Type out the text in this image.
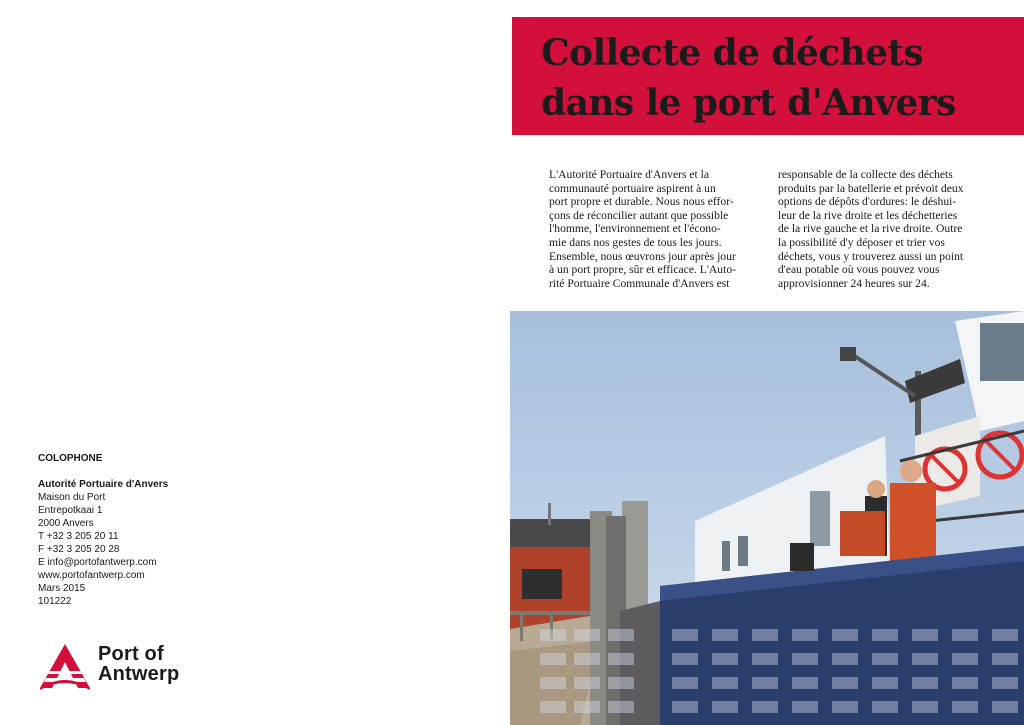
COLOPHONE
Autorité Portuaire d'Anvers
Maison du Port
Entrepotkaai 1
2000 Anvers
T +32 3 205 20 11
F +32 3 205 20 28
E info@portofantwerp.com
www.portofantwerp.com
Mars 2015
101222
Port of
Antwerp
Collecte de déchets
dans le port d'Anvers
L'Autorité Portuaire d'Anvers et la
communauté portuaire aspirent à un
port propre et durable. Nous nous effor-
çons de réconcilier autant que possible
l'homme, l'environnement et l'écono-
mie dans nos gestes de tous les jours.
Ensemble, nous œuvrons jour après jour
à un port propre, sûr et efficace. L'Auto-
rité Portuaire Communale d'Anvers est
responsable de la collecte des déchets
produits par la batellerie et prévoit deux
options de dépôts d'ordures: le déshui-
leur de la rive droite et les déchetteries
de la rive gauche et la rive droite. Outre
la possibilité d'y déposer et trier vos
déchets, vous y trouverez aussi un point
d'eau potable où vous pouvez vous
approvisionner 24 heures sur 24.
